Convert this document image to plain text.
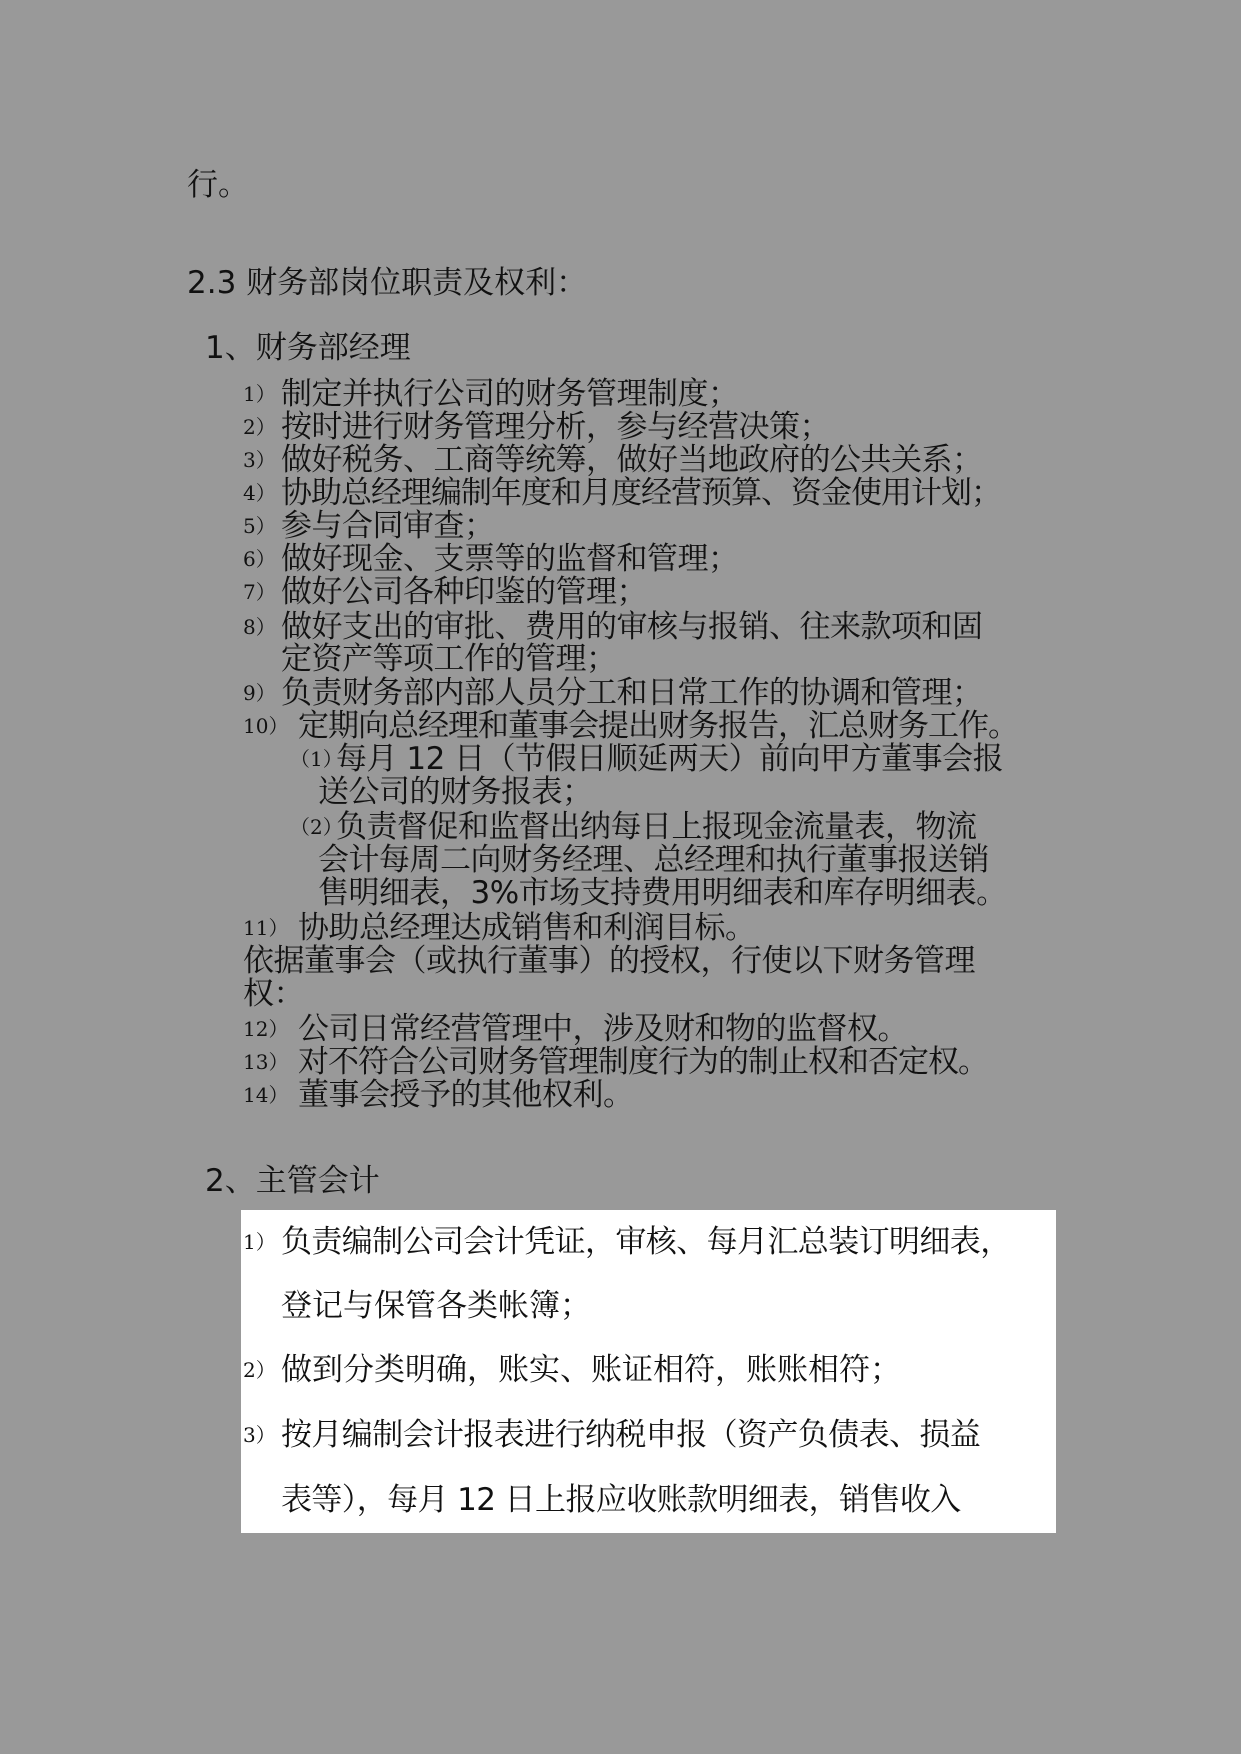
行。
2.3 财务部岗位职责及权利：
1、财务部经理
1） 制定并执行公司的财务管理制度；
2） 按时进行财务管理分析，参与经营决策；
3） 做好税务、工商等统筹，做好当地政府的公共关系；
4） 协助总经理编制年度和月度经营预算、资金使用计划；
5） 参与合同审查；
6） 做好现金、支票等的监督和管理；
7） 做好公司各种印鉴的管理；
8） 做好支出的审批、费用的审核与报销、往来款项和固
定资产等项工作的管理；
9） 负责财务部内部人员分工和日常工作的协调和管理；
10） 定期向总经理和董事会提出财务报告，汇总财务工作。
（1）
每月 12 日（节假日顺延两天）前向甲方董事会报
送公司的财务报表；
（2）
负责督促和监督出纳每日上报现金流量表，物流
会计每周二向财务经理、总经理和执行董事报送销
售明细表，3%市场支持费用明细表和库存明细表。
11） 协助总经理达成销售和利润目标。
依据董事会（或执行董事）的授权，行使以下财务管理
权：
12） 公司日常经营管理中，涉及财和物的监督权。
13） 对不符合公司财务管理制度行为的制止权和否定权。
14） 董事会授予的其他权利。
2、主管会计
1） 负责编制公司会计凭证，审核、每月汇总装订明细表，
登记与保管各类帐簿；
2） 做到分类明确，账实、账证相符，账账相符；
3） 按月编制会计报表进行纳税申报（资产负债表、损益
表等），每月 12 日上报应收账款明细表，销售收入
